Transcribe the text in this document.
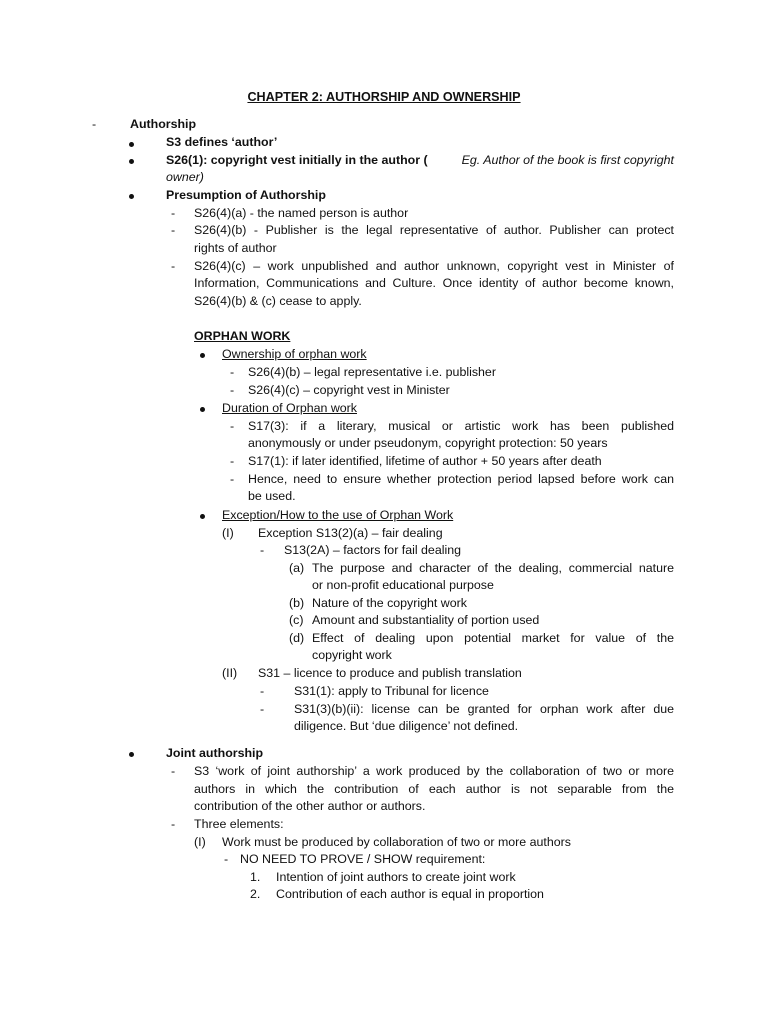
CHAPTER 2: AUTHORSHIP AND OWNERSHIP
-	Authorship
S3 defines ‘author’
S26(1): copyright vest initially in the author (	Eg. Author of the book is first copyright
owner)
Presumption of Authorship
- S26(4)(a) - the named person is author
- S26(4)(b) - Publisher is the legal representative of author. Publisher can protect
rights of author
- S26(4)(c) – work unpublished and author unknown, copyright vest in Minister of
Information, Communications and Culture. Once identity of author become known,
S26(4)(b) & (c) cease to apply.
ORPHAN WORK
Ownership of orphan work
- S26(4)(b) – legal representative i.e. publisher
- S26(4)(c) – copyright vest in Minister
Duration of Orphan work
- S17(3): if a literary, musical or artistic work has been published
anonymously or under pseudonym, copyright protection: 50 years
- S17(1): if later identified, lifetime of author + 50 years after death
- Hence, need to ensure whether protection period lapsed before work can
be used.
Exception/How to the use of Orphan Work
(I) Exception S13(2)(a) – fair dealing
- S13(2A) – factors for fail dealing
(a) The purpose and character of the dealing, commercial nature
or non-profit educational purpose
(b) Nature of the copyright work
(c) Amount and substantiality of portion used
(d) Effect of dealing upon potential market for value of the
copyright work
(II) S31 – licence to produce and publish translation
- S31(1): apply to Tribunal for licence
- S31(3)(b)(ii): license can be granted for orphan work after due
diligence. But ‘due diligence’ not defined.
Joint authorship
- S3 ‘work of joint authorship’ a work produced by the collaboration of two or more
authors in which the contribution of each author is not separable from the
contribution of the other author or authors.
- Three elements:
(I) Work must be produced by collaboration of two or more authors
- NO NEED TO PROVE / SHOW requirement:
1. Intention of joint authors to create joint work
2. Contribution of each author is equal in proportion
